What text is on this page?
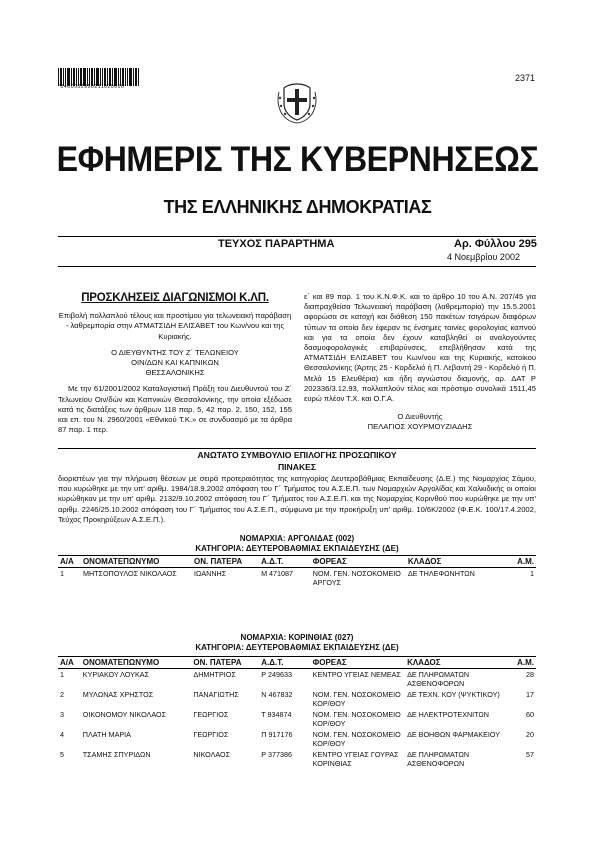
*0400002950211020000*
2371
ΕΦΗΜΕΡΙΣ ΤΗΣ ΚΥΒΕΡΝΗΣΕΩΣ
ΤΗΣ ΕΛΛΗΝΙΚΗΣ ΔΗΜΟΚΡΑΤΙΑΣ
ΤΕΥΧΟΣ ΠΑΡΑΡΤΗΜΑ	Αρ. Φύλλου 295
4 Νοεμβρίου 2002
ΠΡΟΣΚΛΗΣΕΙΣ ΔΙΑΓΩΝΙΣΜΟΙ Κ.ΛΠ.
Επιβολή πολλαπλού τέλους και προστίμου για τελωνειακή παράβαση - λαθρεμπορία στην ΑΤΜΑΤΣΙΔΗ ΕΛΙΣΑΒΕΤ του Κων/νου και της Κυριακής.
Ο ΔΙΕΥΘΥΝΤΗΣ ΤΟΥ Ζ΄ ΤΕΛΩΝΕΙΟΥ
ΟΙΝ/ΔΩΝ ΚΑΙ ΚΑΠΝΙΚΩΝ
ΘΕΣΣΑΛΟΝΙΚΗΣ
Με την 61/2001/2002 Καταλογιστική Πράξη του Διευθυντού του Ζ΄ Τελωνείου Οιν/δών και Καπνικών Θεσσαλονίκης, την οποία εξέδωσε κατά τις διατάξεις των άρθρων 118 παρ. 5, 42 παρ. 2, 150, 152, 155 και επ. του Ν. 2960/2001 «Εθνικού Τ.Κ.» σε συνδυασμό με τα άρθρα 87 παρ. 1 περ.
ε΄ και 89 παρ. 1 του Κ.Ν.Φ.Κ. και το άρθρο 10 του Α.Ν. 207/45 για διαπραχθείσα Τελωνειακή παράβαση (λαθρεμπορία) την 15.5.2001 αφορώσα σε κατοχή και διάθεση 150 πακέτων τσιγάρων διαφόρων τύπων τα οποία δεν έφεραν τις ένσημες ταινίες φορολογίας καπνού και για τα οποία δεν έχουν καταβληθεί οι αναλογούντες δασμοφορολογικές επιβαρύνσεις, επεβλήθησαν κατά της ΑΤΜΑΤΣΙΔΗ ΕΛΙΣΑΒΕΤ του Κων/νου και της Κυριακής, κατοίκου Θεσσαλονίκης (Άρτης 25 - Κορδελιό ή Π. Λεβαντή 29 - Κορδελιό ή Π. Μελά 15 Ελευθέρια) και ήδη αγνώστου διαμονής, αρ. ΔΑΤ Ρ 202336/3.12.93, πολλαπλούν τέλος και πρόστιμο συνολικά 1511,45 ευρώ πλέον Τ.Χ. και Ο.Γ.Α.
Ο Διευθυντής
ΠΕΛΑΓΙΟΣ ΧΟΥΡΜΟΥΖΙΑΔΗΣ
ΑΝΩΤΑΤΟ ΣΥΜΒΟΥΛΙΟ ΕΠΙΛΟΓΗΣ ΠΡΟΣΩΠΙΚΟΥ
ΠΙΝΑΚΕΣ
διοριστέων για την πλήρωση θέσεων με σειρά προτεραιότητας της κατηγορίας Δευτεροβάθμιας Εκπαίδευσης (Δ.Ε.) της Νομαρχίας Σάμου, που κυρώθηκε με την υπ' αριθμ. 1984/18.9.2002 απόφαση του Γ΄ Τμήματος του Α.Σ.Ε.Π. των Νομαρχιών Αργολίδας και Χαλκιδικής οι οποίοι κυρώθηκαν με την υπ' αριθμ. 2132/9.10.2002 απόφαση του Γ΄ Τμήματος του Α.Σ.Ε.Π. και της Νομαρχίας Κορινθού που κυρώθηκε με την υπ' αριθμ. 2246/25.10.2002 απόφαση του Γ΄ Τμήματος του Α.Σ.Ε.Π., σύμφωνα με την προκήρυξη υπ' αριθμ. 10/6Κ/2002 (Φ.Ε.Κ. 100/17.4.2002, Τεύχος Προκηρύξεων Α.Σ.Ε.Π.).
ΝΟΜΑΡΧΙΑ: ΑΡΓΟΛΙΔΑΣ (002)
ΚΑΤΗΓΟΡΙΑ: ΔΕΥΤΕΡΟΒΑΘΜΙΑΣ ΕΚΠΑΙΔΕΥΣΗΣ (ΔΕ)
Α/Α	ΟΝΟΜΑΤΕΠΩΝΥΜΟ	ΟΝ. ΠΑΤΕΡΑ	Α.Δ.Τ.	ΦΟΡΕΑΣ	ΚΛΑΔΟΣ	Α.Μ.
1	ΜΗΤΣΟΠΟΥΛΟΣ ΝΙΚΟΛΑΟΣ	ΙΩΑΝΝΗΣ	Μ 471087	ΝΟΜ. ΓΕΝ. ΝΟΣΟΚΟΜΕΙΟ ΑΡΓΟΥΣ	ΔΕ ΤΗΛΕΦΩΝΗΤΩΝ	1
ΝΟΜΑΡΧΙΑ: ΚΟΡΙΝΘΙΑΣ (027)
ΚΑΤΗΓΟΡΙΑ: ΔΕΥΤΕΡΟΒΑΘΜΙΑΣ ΕΚΠΑΙΔΕΥΣΗΣ (ΔΕ)
Α/Α	ΟΝΟΜΑΤΕΠΩΝΥΜΟ	ΟΝ. ΠΑΤΕΡΑ	Α.Δ.Τ.	ΦΟΡΕΑΣ	ΚΛΑΔΟΣ	Α.Μ.
1	ΚΥΡΙΑΚΟΥ ΛΟΥΚΑΣ	ΔΗΜΗΤΡΙΟΣ	Ρ 249633	ΚΕΝΤΡΟ ΥΓΕΙΑΣ ΝΕΜΕΑΣ	ΔΕ ΠΛΗΡΩΜΑΤΩΝ ΑΣΘΕΝΟΦΟΡΩΝ	28
2	ΜΥΛΩΝΑΣ ΧΡΗΣΤΟΣ	ΠΑΝΑΓΙΩΤΗΣ	Ν 467832	ΝΟΜ. ΓΕΝ. ΝΟΣΟΚΟΜΕΙΟ ΚΟΡ/ΘΟΥ	ΔΕ ΤΕΧΝ. ΚΟΥ (ΨΥΚΤΙΚΟΥ)	17
3	ΟΙΚΟΝΟΜΟΥ ΝΙΚΟΛΑΟΣ	ΓΕΩΡΓΙΟΣ	Τ 934874	ΝΟΜ. ΓΕΝ. ΝΟΣΟΚΟΜΕΙΟ ΚΟΡ/ΘΟΥ	ΔΕ ΗΛΕΚΤΡΟΤΕΧΝΙΤΩΝ	60
4	ΠΛΑΤΗ ΜΑΡΙΑ	ΓΕΩΡΓΙΟΣ	Π 917176	ΝΟΜ. ΓΕΝ. ΝΟΣΟΚΟΜΕΙΟ ΚΟΡ/ΘΟΥ	ΔΕ ΒΟΗΘΩΝ ΦΑΡΜΑΚΕΙΟΥ	20
5	ΤΣΑΜΗΣ ΣΠΥΡΙΔΩΝ	ΝΙΚΟΛΑΟΣ	Ρ 377386	ΚΕΝΤΡΟ ΥΓΕΙΑΣ ΓΟΥΡΑΣ ΚΟΡΙΝΘΙΑΣ	ΔΕ ΠΛΗΡΩΜΑΤΩΝ ΑΣΘΕΝΟΦΟΡΩΝ	57
